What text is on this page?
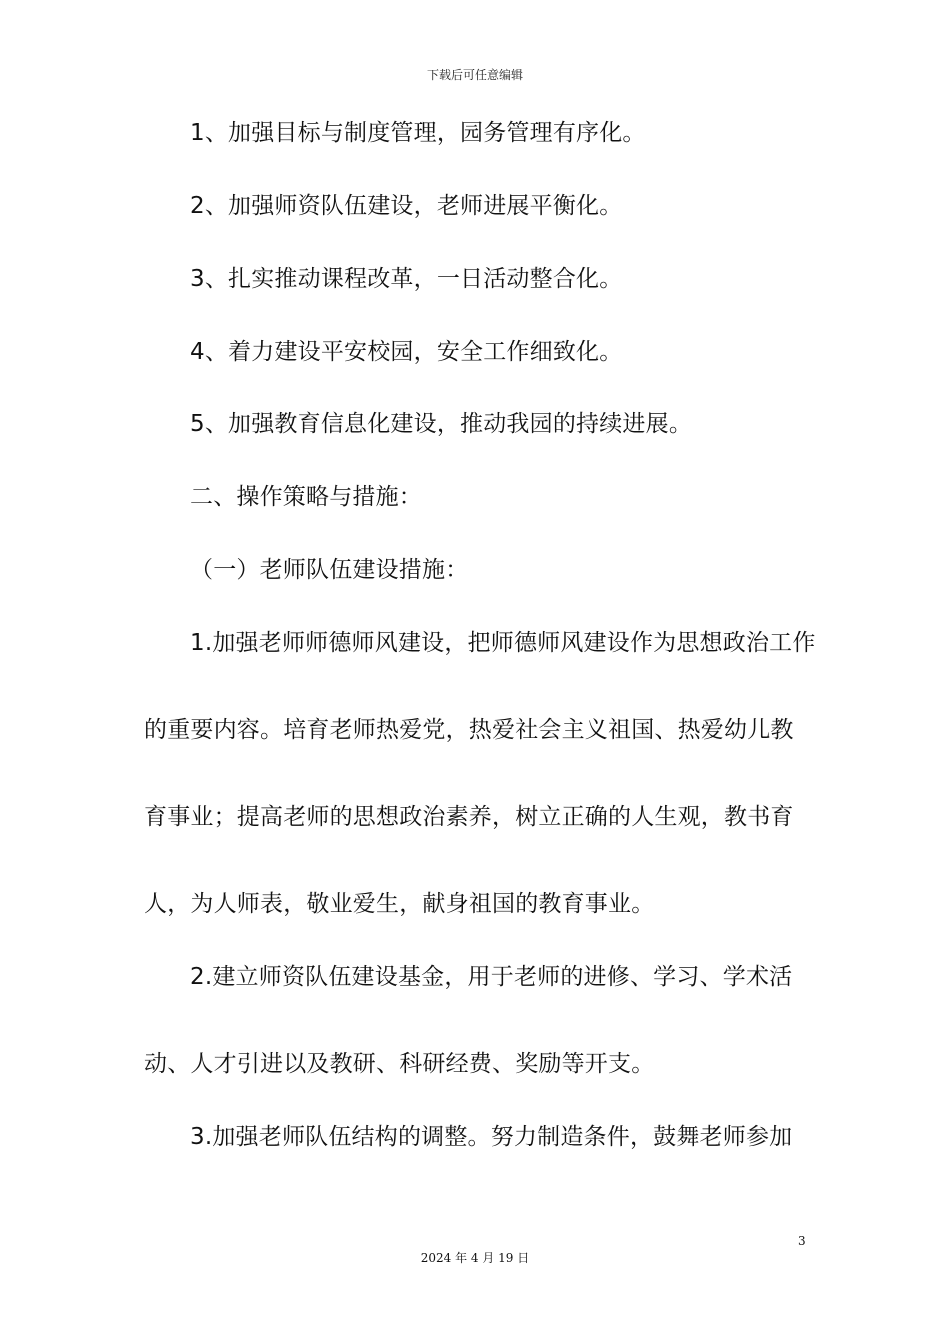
下载后可任意编辑
1、加强目标与制度管理，园务管理有序化。
2、加强师资队伍建设，老师进展平衡化。
3、扎实推动课程改革，一日活动整合化。
4、着力建设平安校园，安全工作细致化。
5、加强教育信息化建设，推动我园的持续进展。
二、操作策略与措施：
（一）老师队伍建设措施：
1.加强老师师德师风建设，把师德师风建设作为思想政治工作
的重要内容。培育老师热爱党，热爱社会主义祖国、热爱幼儿教
育事业；提高老师的思想政治素养，树立正确的人生观，教书育
人，为人师表，敬业爱生，献身祖国的教育事业。
2.建立师资队伍建设基金，用于老师的进修、学习、学术活
动、人才引进以及教研、科研经费、奖励等开支。
3.加强老师队伍结构的调整。努力制造条件，鼓舞老师参加
3
2024 年 4 月 19 日
